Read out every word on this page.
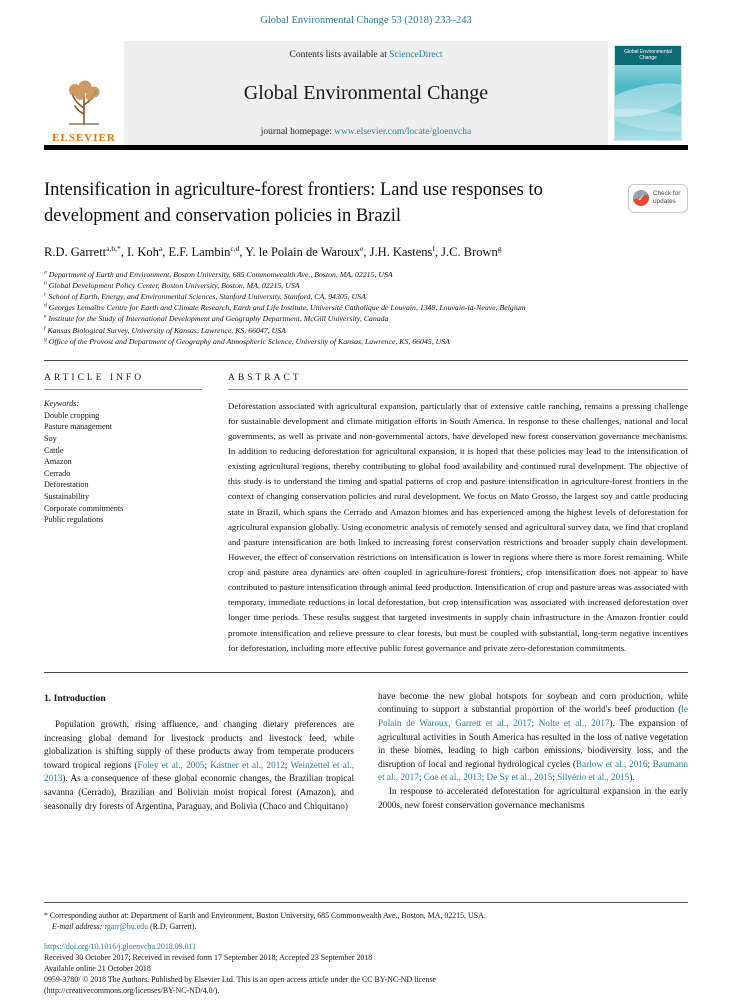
Global Environmental Change 53 (2018) 233–243
ELSEVIER
Contents lists available at ScienceDirect
Global Environmental Change
journal homepage: www.elsevier.com/locate/gloenvcha
Global Environmental Change
Intensification in agriculture-forest frontiers: Land use responses to development and conservation policies in Brazil
✓ Check for
updates
R.D. Garrett$^{a,b,*}$, I. Koh$^a$, E.F. Lambin$^{c,d}$, Y. le Polain de Waroux$^e$, J.H. Kastens$^f$, J.C. Brown$^g$
$^a$ Department of Earth and Environment, Boston University, 685 Commonwealth Ave., Boston, MA, 02215, USA
$^b$ Global Development Policy Center, Boston University, Boston, MA, 02215, USA
$^c$ School of Earth, Energy, and Environmental Sciences, Stanford University, Stanford, CA, 94305, USA
$^d$ Georges Lemaître Centre for Earth and Climate Research, Earth and Life Institute, Université Catholique de Louvain, 1348, Louvain-la-Neuve, Belgium
$^e$ Institute for the Study of International Development and Geography Department, McGill University, Canada
$^f$ Kansas Biological Survey, University of Kansas, Lawrence, KS, 66047, USA
$^g$ Office of the Provost and Department of Geography and Atmospheric Science, University of Kansas, Lawrence, KS, 66045, USA
ARTICLE INFO
Keywords:
Double cropping
Pasture management
Soy
Cattle
Amazon
Cerrado
Deforestation
Sustainability
Corporate commitments
Public regulations
ABSTRACT
Deforestation associated with agricultural expansion, particularly that of extensive cattle ranching, remains a pressing challenge for sustainable development and climate mitigation efforts in South America. In response to these challenges, national and local governments, as well as private and non-governmental actors, have developed new forest conservation governance mechanisms. In addition to reducing deforestation for agricultural expansion, it is hoped that these policies may lead to the intensification of existing agricultural regions, thereby contributing to global food availability and continued rural development. The objective of this study is to understand the timing and spatial patterns of crop and pasture intensification in agriculture-forest frontiers in the context of changing conservation policies and rural development. We focus on Mato Grosso, the largest soy and cattle producing state in Brazil, which spans the Cerrado and Amazon biomes and has experienced among the highest levels of deforestation for agricultural expansion globally. Using econometric analysis of remotely sensed and agricultural survey data, we find that cropland and pasture intensification are both linked to increasing forest conservation restrictions and broader supply chain development. However, the effect of conservation restrictions on intensification is lower in regions where there is more forest remaining. While crop and pasture area dynamics are often coupled in agriculture-forest frontiers, crop intensification does not appear to have contributed to pasture intensification through animal feed production. Intensification of crop and pasture areas was associated with temporary, immediate reductions in local deforestation, but crop intensification was associated with increased deforestation over longer time periods. These results suggest that targeted investments in supply chain infrastructure in the Amazon frontier could promote intensification and relieve pressure to clear forests, but must be coupled with substantial, long-term negative incentives for deforestation, including more effective public forest governance and private zero-deforestation commitments.
1. Introduction

Population growth, rising affluence, and changing dietary preferences are increasing global demand for livestock products and livestock feed, while globalization is shifting supply of these products away from temperate producers toward tropical regions (Foley et al., 2005; Kastner et al., 2012; Weinzettel et al., 2013). As a consequence of these global economic changes, the Brazilian tropical savanna (Cerrado), Brazilian and Bolivian moist tropical forest (Amazon), and seasonally dry forests of Argentina, Paraguay, and Bolivia (Chaco and Chiquitano)

have become the new global hotspots for soybean and corn production, while continuing to support a substantial proportion of the world's beef production (le Polain de Waroux, Garrett et al., 2017; Nolte et al., 2017). The expansion of agricultural activities in South America has resulted in the loss of native vegetation in these biomes, leading to high carbon emissions, biodiversity loss, and the disruption of local and regional hydrological cycles (Barlow et al., 2016; Baumann et al., 2017; Coe et al., 2013; De Sy et al., 2015; Silvério et al., 2015).

In response to accelerated deforestation for agricultural expansion in the early 2000s, new forest conservation governance mechanisms

* Corresponding author at: Department of Earth and Environment, Boston University, 685 Commonwealth Ave., Boston, MA, 02215, USA.
E-mail address: rgarr@bu.edu (R.D. Garrett).
https://doi.org/10.1016/j.gloenvcha.2018.09.011
Received 30 October 2017; Received in revised form 17 September 2018; Accepted 23 September 2018
Available online 21 October 2018
0959-3780/ © 2018 The Authors. Published by Elsevier Ltd. This is an open access article under the CC BY-NC-ND license
(http://creativecommons.org/licenses/BY-NC-ND/4.0/).
